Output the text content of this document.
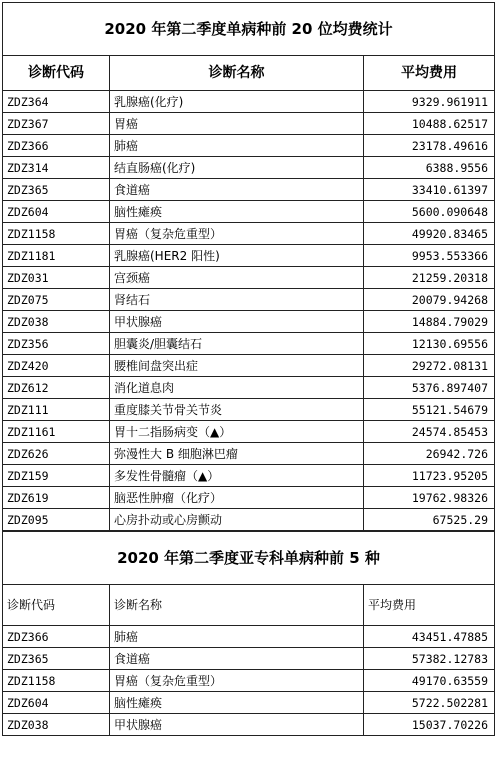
2020 年第二季度单病种前 20 位均费统计		
诊断代码	诊断名称	平均费用
ZDZ364	乳腺癌(化疗)	9329.961911
ZDZ367	胃癌	10488.62517
ZDZ366	肺癌	23178.49616
ZDZ314	结直肠癌(化疗)	6388.9556
ZDZ365	食道癌	33410.61397
ZDZ604	脑性瘫痪	5600.090648
ZDZ1158	胃癌（复杂危重型）	49920.83465
ZDZ1181	乳腺癌(HER2 阳性)	9953.553366
ZDZ031	宫颈癌	21259.20318
ZDZ075	肾结石	20079.94268
ZDZ038	甲状腺癌	14884.79029
ZDZ356	胆囊炎/胆囊结石	12130.69556
ZDZ420	腰椎间盘突出症	29272.08131
ZDZ612	消化道息肉	5376.897407
ZDZ111	重度膝关节骨关节炎	55121.54679
ZDZ1161	胃十二指肠病变（▲）	24574.85453
ZDZ626	弥漫性大 B 细胞淋巴瘤	26942.726
ZDZ159	多发性骨髓瘤（▲）	11723.95205
ZDZ619	脑恶性肿瘤（化疗）	19762.98326
ZDZ095	心房扑动或心房颤动	67525.29
2020 年第二季度亚专科单病种前 5 种		
诊断代码	诊断名称	平均费用
ZDZ366	肺癌	43451.47885
ZDZ365	食道癌	57382.12783
ZDZ1158	胃癌（复杂危重型）	49170.63559
ZDZ604	脑性瘫痪	5722.502281
ZDZ038	甲状腺癌	15037.70226
